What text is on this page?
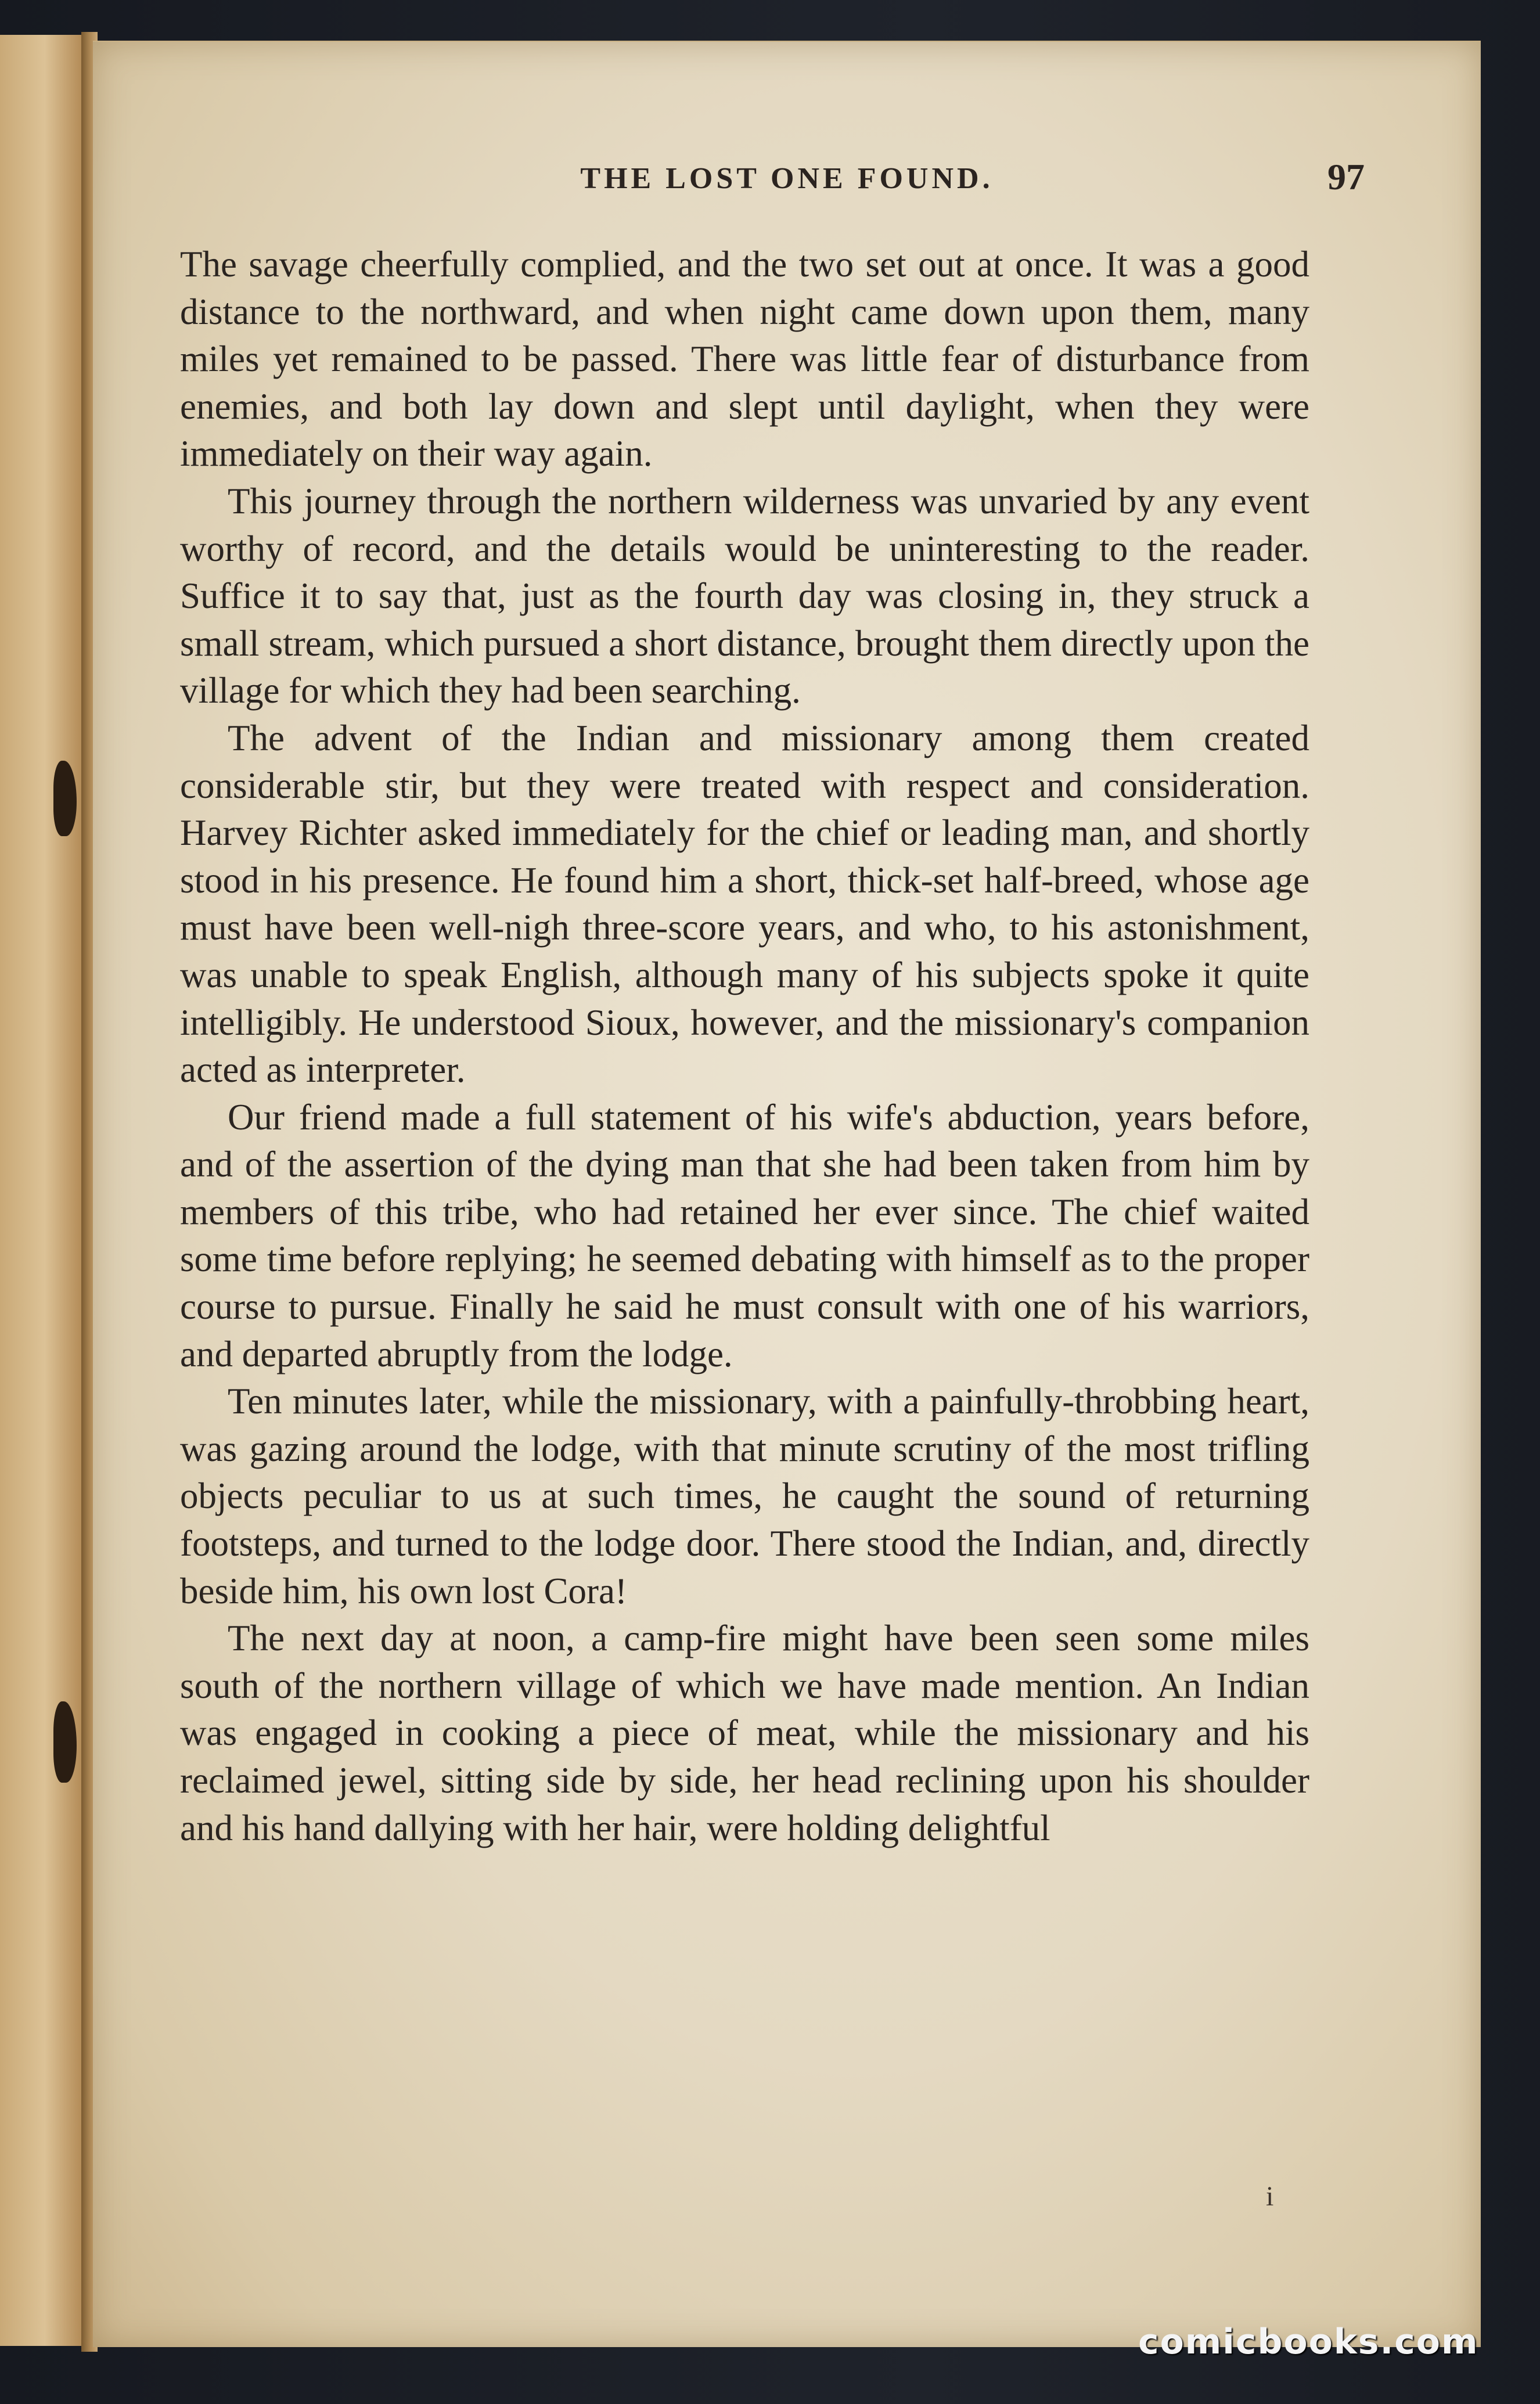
THE LOST ONE FOUND.	97

The savage cheerfully complied, and the two set out at once. It was a good distance to the northward, and when night came down upon them, many miles yet remained to be passed. There was little fear of disturbance from enemies, and both lay down and slept until daylight, when they were immediately on their way again.

This journey through the northern wilderness was unvaried by any event worthy of record, and the details would be uninteresting to the reader. Suffice it to say that, just as the fourth day was closing in, they struck a small stream, which pursued a short distance, brought them directly upon the village for which they had been searching.

The advent of the Indian and missionary among them created considerable stir, but they were treated with respect and consideration. Harvey Richter asked immediately for the chief or leading man, and shortly stood in his presence. He found him a short, thick-set half-breed, whose age must have been well-nigh three-score years, and who, to his astonishment, was unable to speak English, although many of his subjects spoke it quite intelligibly. He understood Sioux, however, and the missionary's companion acted as interpreter.

Our friend made a full statement of his wife's abduction, years before, and of the assertion of the dying man that she had been taken from him by members of this tribe, who had retained her ever since. The chief waited some time before replying; he seemed debating with himself as to the proper course to pursue. Finally he said he must consult with one of his warriors, and departed abruptly from the lodge.

Ten minutes later, while the missionary, with a painfully-throbbing heart, was gazing around the lodge, with that minute scrutiny of the most trifling objects peculiar to us at such times, he caught the sound of returning footsteps, and turned to the lodge door. There stood the Indian, and, directly beside him, his own lost Cora!

The next day at noon, a camp-fire might have been seen some miles south of the northern village of which we have made mention. An Indian was engaged in cooking a piece of meat, while the missionary and his reclaimed jewel, sitting side by side, her head reclining upon his shoulder and his hand dallying with her hair, were holding delightful

i
comicbooks.com
